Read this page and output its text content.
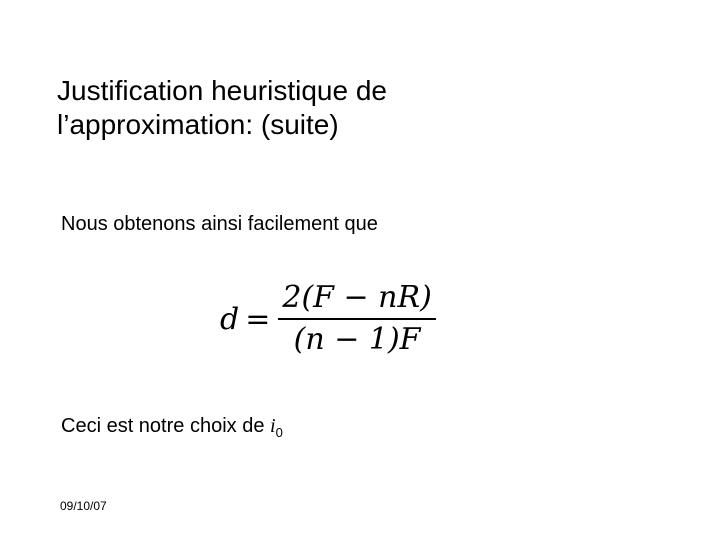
Justification heuristique de
l’approximation: (suite)

Nous obtenons ainsi facilement que

$d = \frac{2(F - nR)}{(n - 1)F}$

Ceci est notre choix de $i_0$

09/10/07
